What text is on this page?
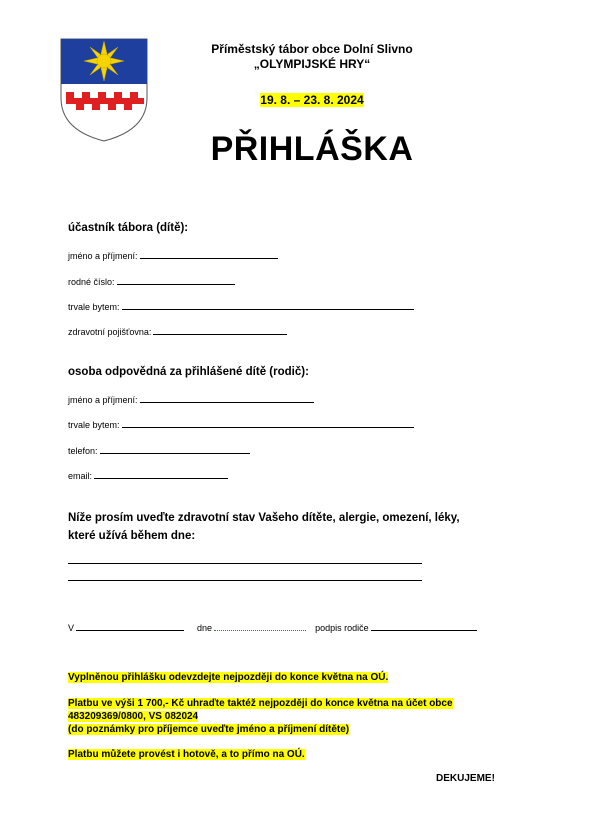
Příměstský tábor obce Dolní Slivno
„OLYMPIJSKÉ HRY“
19. 8. – 23. 8. 2024
PŘIHLÁŠKA
účastník tábora (dítě):
jméno a příjmení:
rodné číslo:
trvale bytem:
zdravotní pojišťovna:
osoba odpovědná za přihlášené dítě (rodič):
jméno a příjmení:
trvale bytem:
telefon:
email:
Níže prosím uveďte zdravotní stav Vašeho dítěte, alergie, omezení, léky,
které užívá během dne:
V	dne	podpis rodiče
Vyplněnou přihlášku odevzdejte nejpozději do konce května na OÚ.
Platbu ve výši 1 700,- Kč uhraďte taktéž nejpozději do konce května na účet obce
483209369/0800, VS 082024
(do poznámky pro příjemce uveďte jméno a příjmení dítěte)
Platbu můžete provést i hotově, a to přímo na OÚ.
DEKUJEME!
